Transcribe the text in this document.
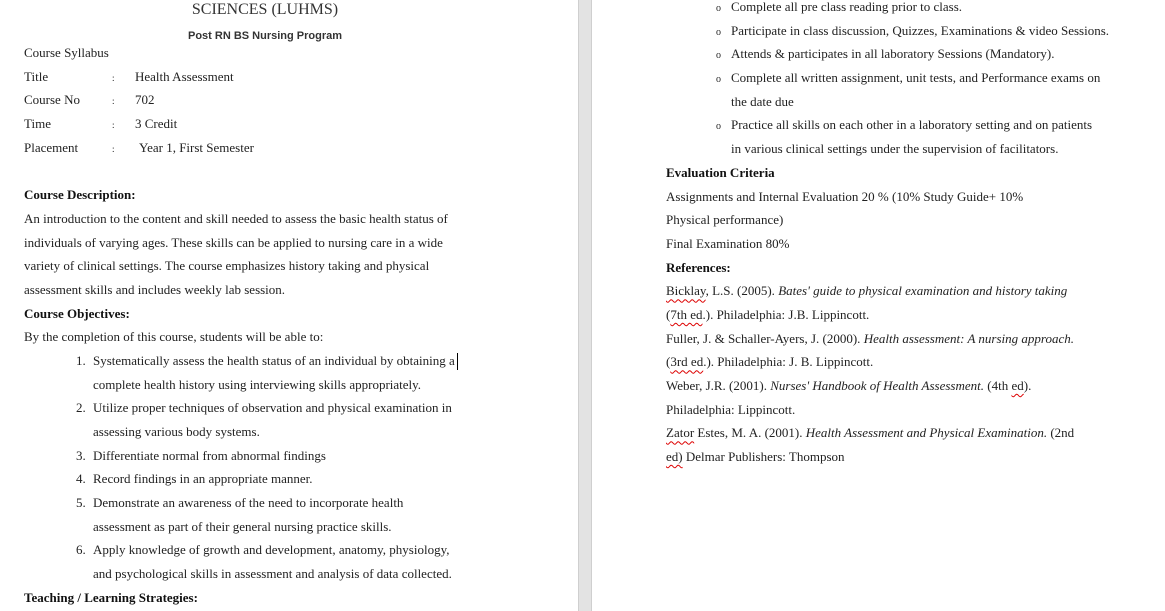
SCIENCES (LUHMS)
Post RN BS Nursing Program
Course Syllabus
Title	: Health Assessment
Course No	: 702
Time	: 3 Credit
Placement	: Year 1, First Semester
Course Description:
An introduction to the content and skill needed to assess the basic health status of
individuals of varying ages. These skills can be applied to nursing care in a wide
variety of clinical settings. The course emphasizes history taking and physical
assessment skills and includes weekly lab session.
Course Objectives:
By the completion of this course, students will be able to:
1. Systematically assess the health status of an individual by obtaining a
complete health history using interviewing skills appropriately.
2. Utilize proper techniques of observation and physical examination in
assessing various body systems.
3. Differentiate normal from abnormal findings
4. Record findings in an appropriate manner.
5. Demonstrate an awareness of the need to incorporate health
assessment as part of their general nursing practice skills.
6. Apply knowledge of growth and development, anatomy, physiology,
and psychological skills in assessment and analysis of data collected.
Teaching / Learning Strategies:
o Complete all pre class reading prior to class.
o Participate in class discussion, Quizzes, Examinations & video Sessions.
o Attends & participates in all laboratory Sessions (Mandatory).
o Complete all written assignment, unit tests, and Performance exams on
the date due
o Practice all skills on each other in a laboratory setting and on patients
in various clinical settings under the supervision of facilitators.
Evaluation Criteria
Assignments and Internal Evaluation 20 % (10% Study Guide+ 10%
Physical performance)
Final Examination 80%
References:
Bicklay, L.S. (2005). Bates' guide to physical examination and history taking
(7th ed.). Philadelphia: J.B. Lippincott.
Fuller, J. & Schaller-Ayers, J. (2000). Health assessment: A nursing approach.
(3rd ed.). Philadelphia: J. B. Lippincott.
Weber, J.R. (2001). Nurses' Handbook of Health Assessment. (4th ed).
Philadelphia: Lippincott.
Zator Estes, M. A. (2001). Health Assessment and Physical Examination. (2nd
ed) Delmar Publishers: Thompson
